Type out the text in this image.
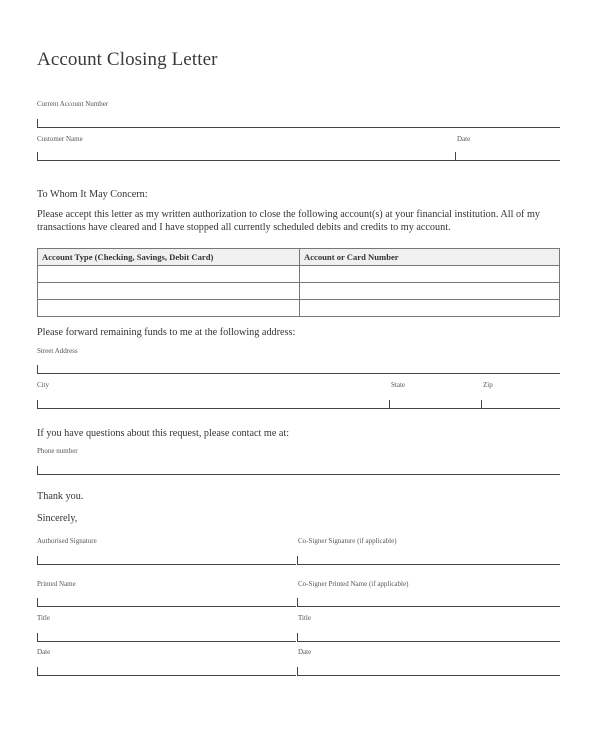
Account Closing Letter
Current Account Number
Customer Name	Date
To Whom It May Concern:
Please accept this letter as my written authorization to close the following account(s) at your financial institution. All of my
transactions have cleared and I have stopped all currently scheduled debits and credits to my account.
Account Type (Checking, Savings, Debit Card)	Account or Card Number

Please forward remaining funds to me at the following address:
Street Address
City	State	Zip
If you have questions about this request, please contact me at:
Phone number
Thank you.
Sincerely,
Authorised Signature	Co-Signer Signature (if applicable)
Printed Name	Co-Signer Printed Name (if applicable)
Title	Title
Date	Date
